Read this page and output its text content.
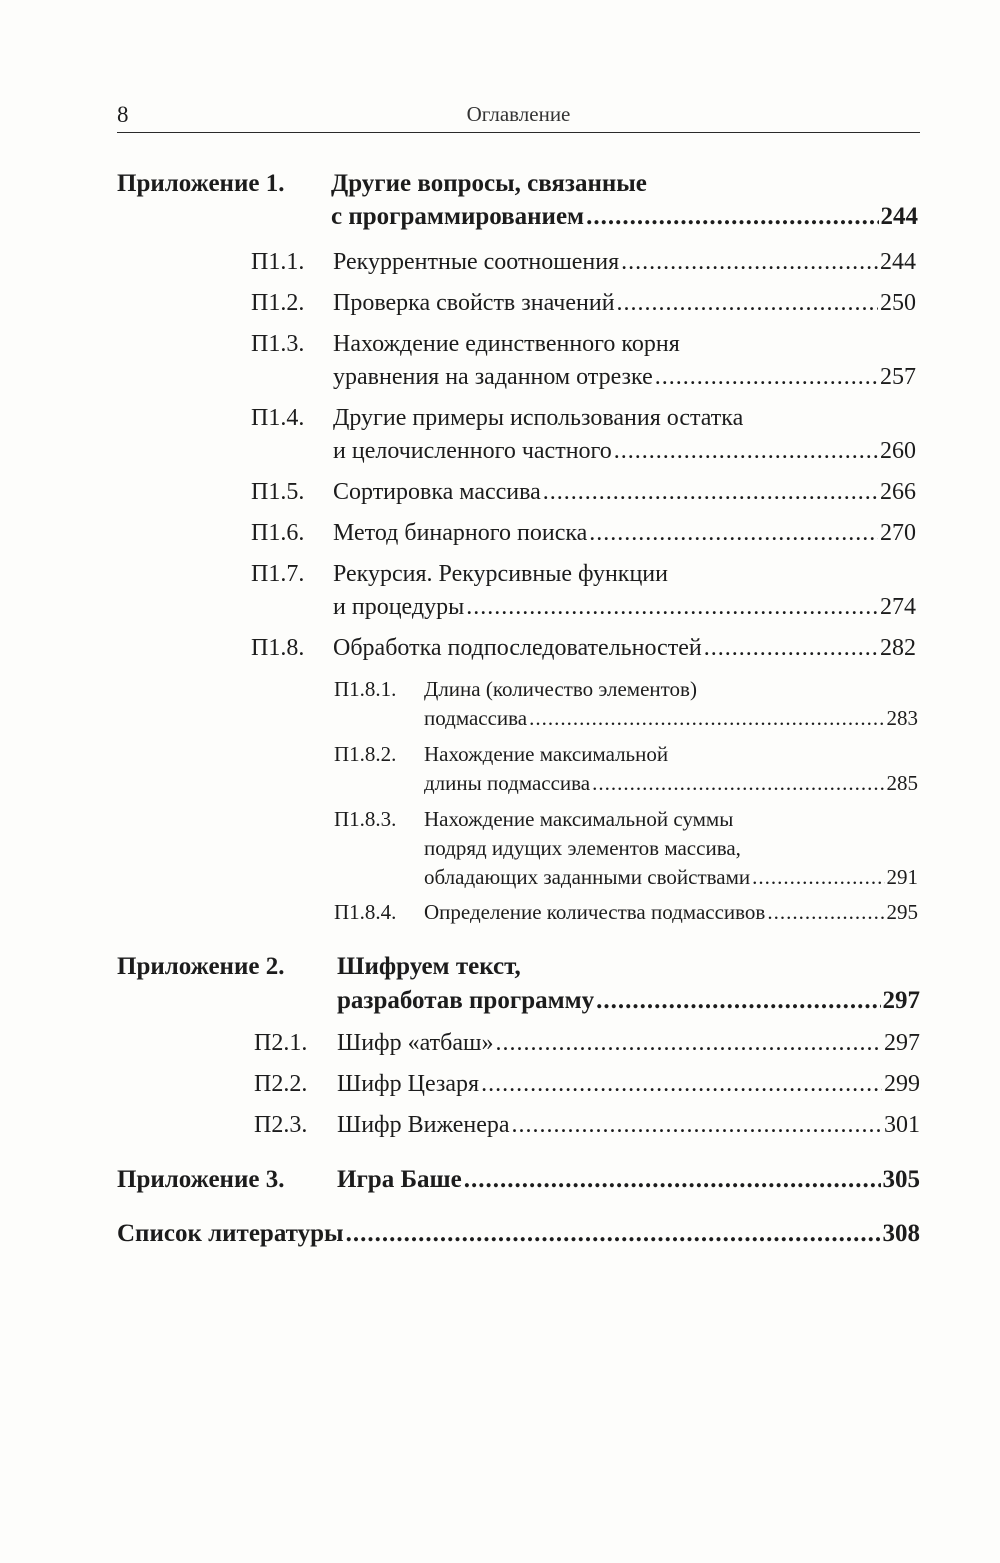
8	Оглавление
Приложение 1. Другие вопросы, связанные
с программированием .....	244
П1.1. Рекуррентные соотношения .....	244
П1.2. Проверка свойств значений .....	250
П1.3. Нахождение единственного корня
уравнения на заданном отрезке .....	257
П1.4. Другие примеры использования остатка
и целочисленного частного .....	260
П1.5. Сортировка массива .....	266
П1.6. Метод бинарного поиска .....	270
П1.7. Рекурсия. Рекурсивные функции
и процедуры .....	274
П1.8. Обработка подпоследовательностей .....	282
П1.8.1. Длина (количество элементов)
подмассива .....	283
П1.8.2. Нахождение максимальной
длины подмассива .....	285
П1.8.3. Нахождение максимальной суммы
подряд идущих элементов массива,
обладающих заданными свойствами .....	291
П1.8.4. Определение количества подмассивов .....	295
Приложение 2. Шифруем текст,
разработав программу .....	297
П2.1. Шифр «атбаш» .....	297
П2.2. Шифр Цезаря .....	299
П2.3. Шифр Виженера .....	301
Приложение 3. Игра Баше .....	305
Список литературы .....	308
